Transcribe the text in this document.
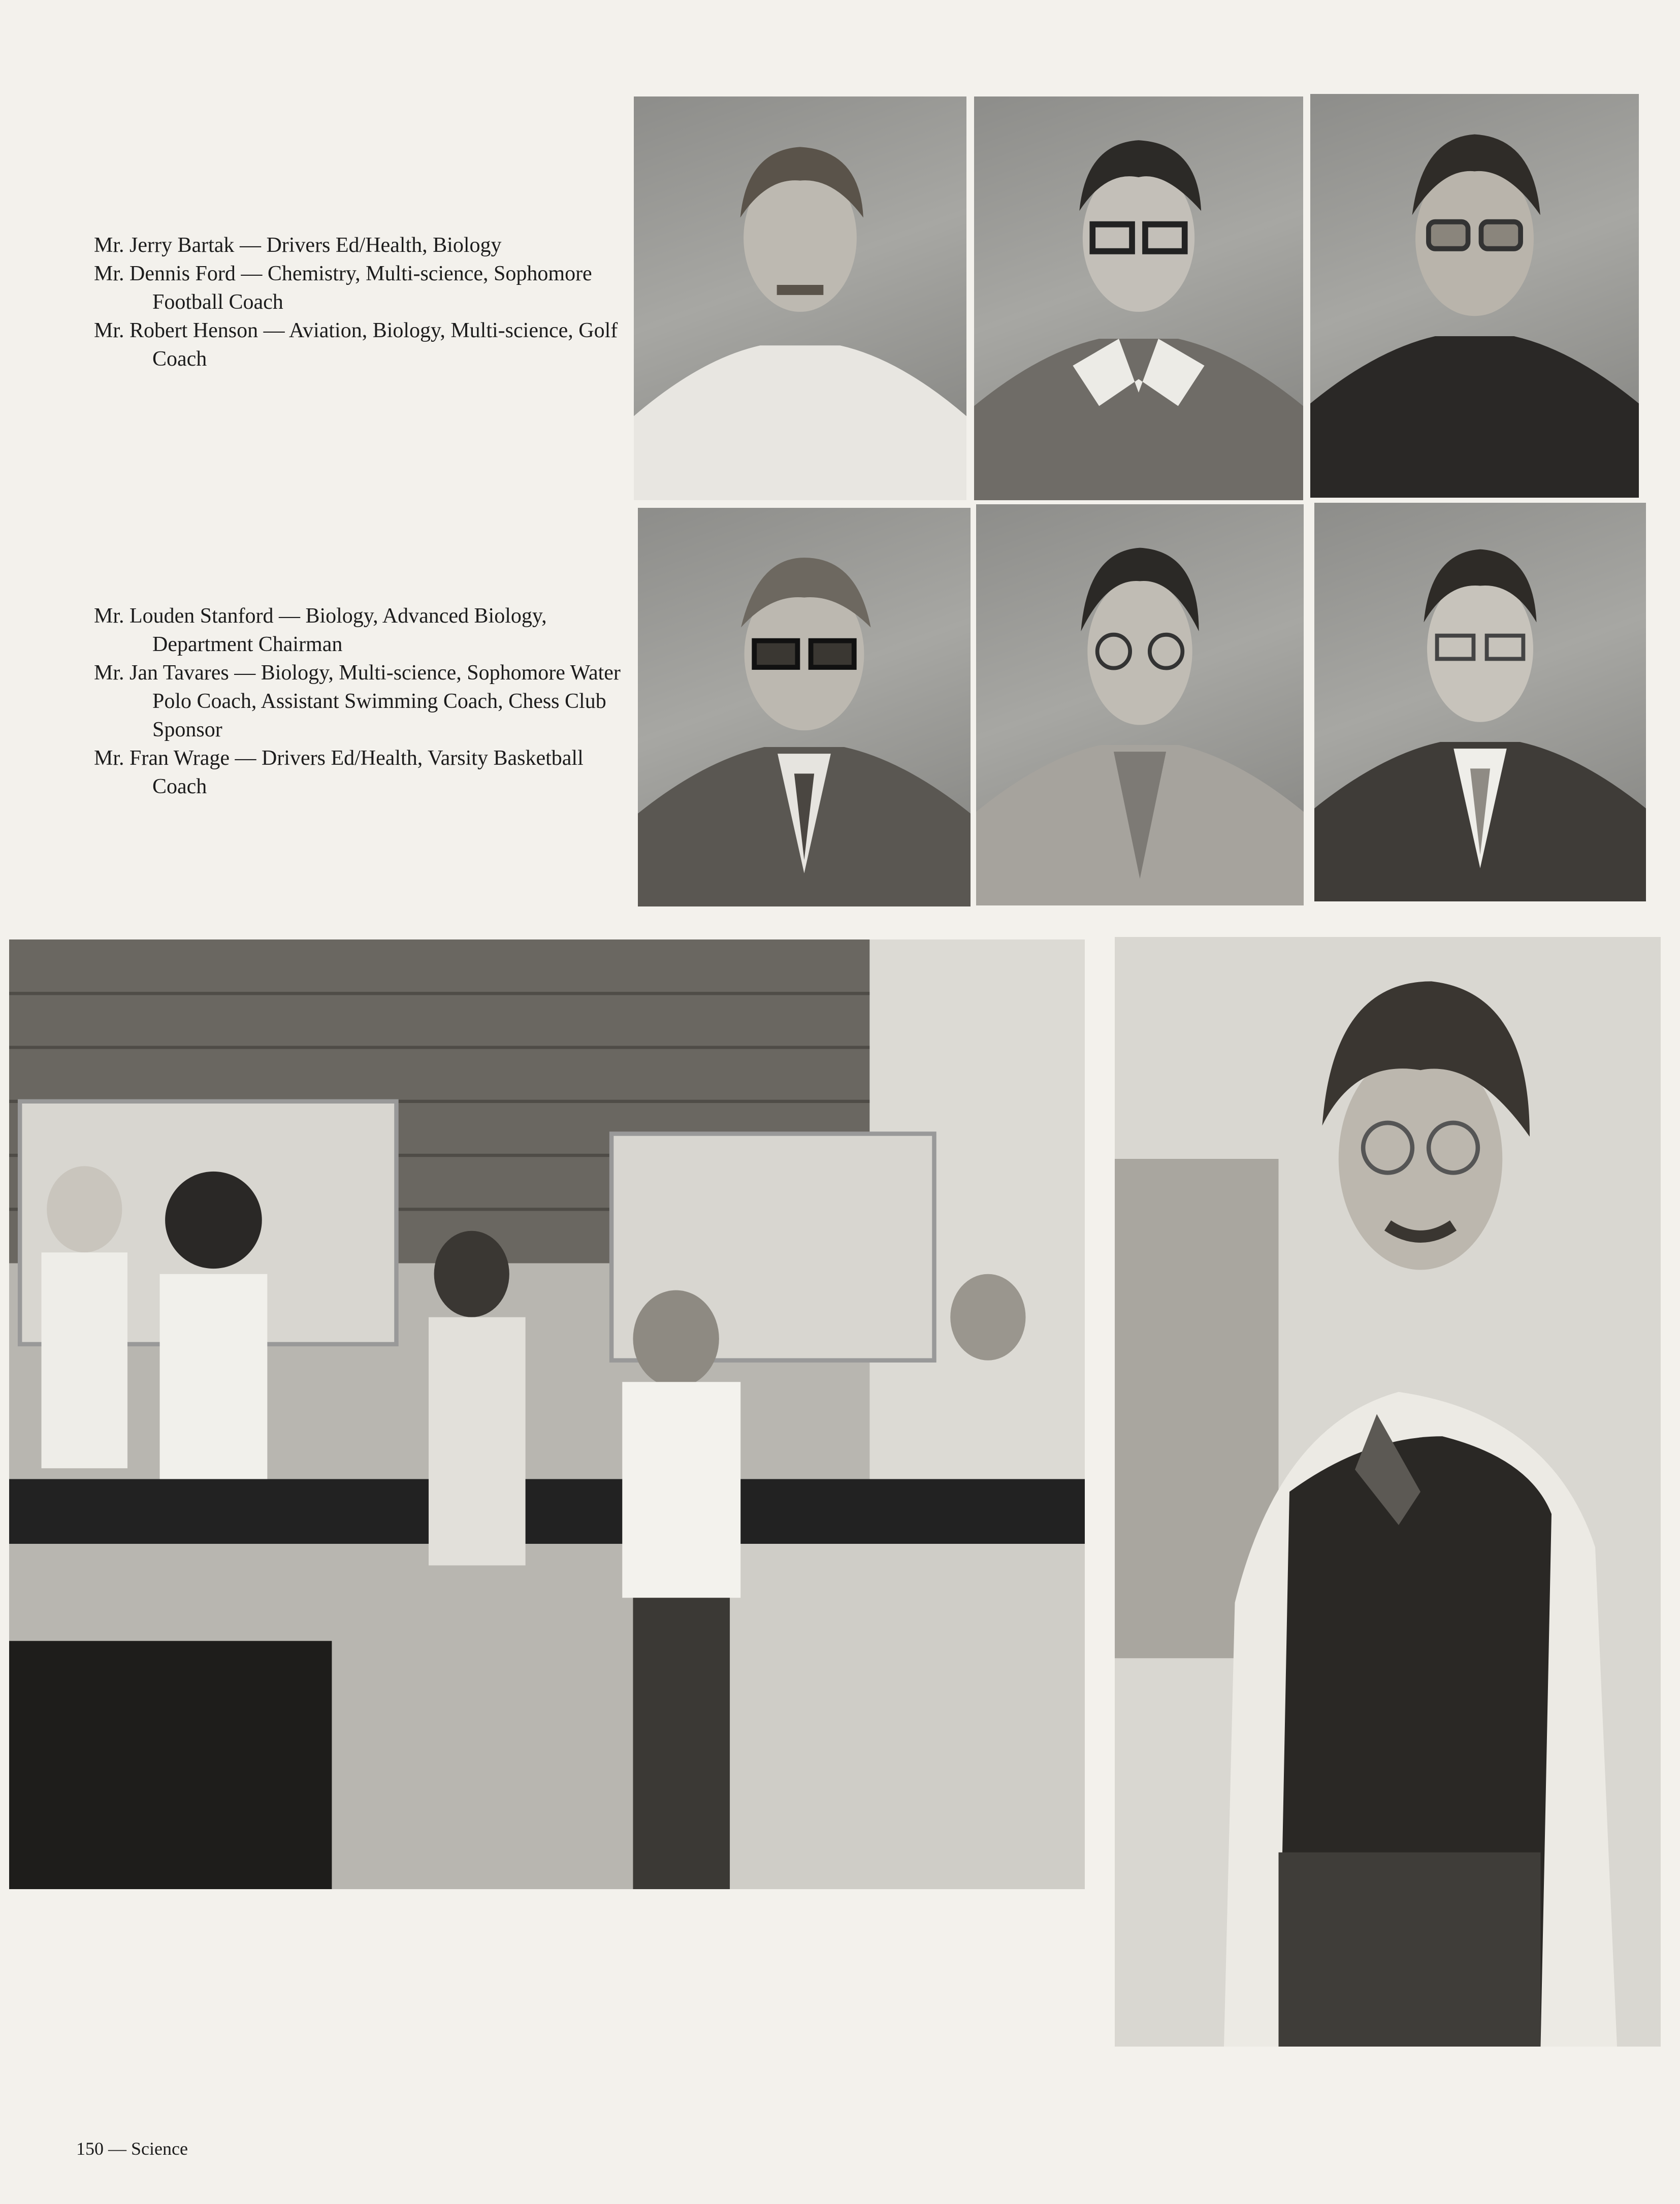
Mr. Jerry Bartak — Drivers Ed/Health, Biology

Mr. Dennis Ford — Chemistry, Multi-science, Sophomore Football Coach

Mr. Robert Henson — Aviation, Biology, Multi-science, Golf Coach

Mr. Louden Stanford — Biology, Advanced Biology, Department Chairman

Mr. Jan Tavares — Biology, Multi-science, Sophomore Water Polo Coach, Assistant Swimming Coach, Chess Club Sponsor

Mr. Fran Wrage — Drivers Ed/Health, Varsity Basketball Coach

150 — Science
